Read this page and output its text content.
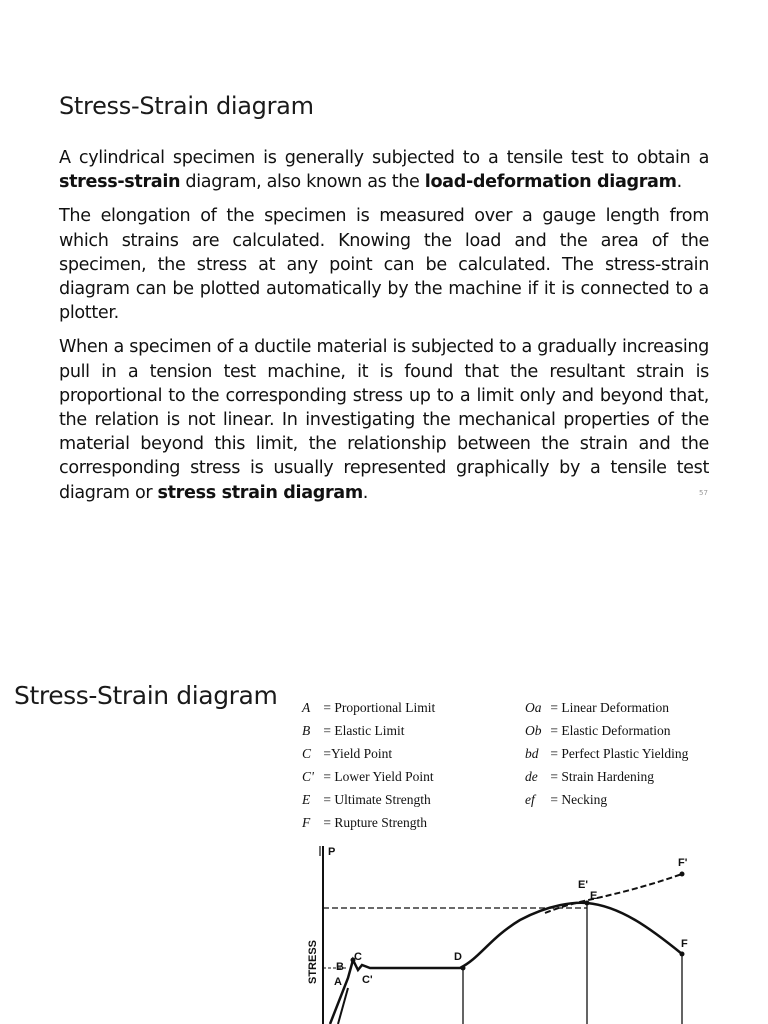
Stress-Strain diagram

A cylindrical specimen is generally subjected to a tensile test to obtain a stress-strain diagram, also known as the load-deformation diagram.

The elongation of the specimen is measured over a gauge length from which strains are calculated. Knowing the load and the area of the specimen, the stress at any point can be calculated. The stress-strain diagram can be plotted automatically by the machine if it is connected to a plotter.

When a specimen of a ductile material is subjected to a gradually increasing pull in a tension test machine, it is found that the resultant strain is proportional to the corresponding stress up to a limit only and beyond that, the relation is not linear. In investigating the mechanical properties of the material beyond this limit, the relationship between the strain and the corresponding stress is usually represented graphically by a tensile test diagram or stress strain diagram.	57
Stress-Strain diagram A = Proportional Limit
B = Elastic Limit
C =Yield Point
C' = Lower Yield Point
E = Ultimate Strength
F = Rupture Strength
Oa = Linear Deformation
Ob = Elastic Deformation
bd = Perfect Plastic Yielding
de = Strain Hardening
ef = Necking
P
STRESS B
A
C
C'
D
E
E'
F
F'
